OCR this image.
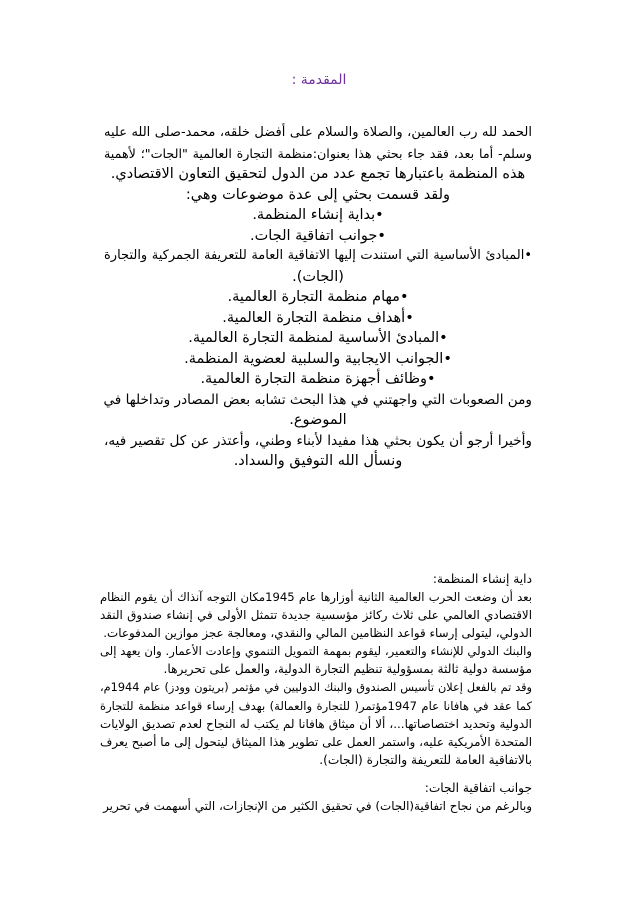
المقدمة :
الحمد لله رب العالمين، والصلاة والسلام على أفضل خلقه، محمد-صلى الله عليه
وسلم- أما بعد، فقد جاء بحثي هذا بعنوان:منظمة التجارة العالمية "الجات"؛ لأهمية
هذه المنظمة باعتبارها تجمع عدد من الدول لتحقيق التعاون الاقتصادي.
ولقد قسمت بحثي إلى عدة موضوعات وهي:
•بداية إنشاء المنظمة.
•جوانب اتفاقية الجات.
•المبادئ الأساسية التي استندت إليها الاتفاقية العامة للتعريفة الجمركية والتجارة
(الجات).
•مهام منظمة التجارة العالمية.
•أهداف منظمة التجارة العالمية.
•المبادئ الأساسية لمنظمة التجارة العالمية.
•الجوانب الايجابية والسلبية لعضوية المنظمة.
•وظائف أجهزة منظمة التجارة العالمية.
ومن الصعوبات التي واجهتني في هذا البحث تشابه بعض المصادر وتداخلها في
الموضوع.
وأخيرا أرجو أن يكون بحثي هذا مفيدا لأبناء وطني، وأعتذر عن كل تقصير فيه،
ونسأل الله التوفيق والسداد.
داية إنشاء المنظمة:
بعد أن وضعت الحرب العالمية الثانية أوزارها عام 1945مكان التوجه آنذاك أن يقوم النظام
الاقتصادي العالمي على ثلاث ركائز مؤسسية جديدة تتمثل الأولى في إنشاء صندوق النقد
الدولي، ليتولى إرساء قواعد النظامين المالي والنقدي، ومعالجة عجز موازين المدفوعات.
والبنك الدولي للإنشاء والتعمير، ليقوم بمهمة التمويل التنموي وإعادت الأعمار. وان يعهد إلى
مؤسسة دولية ثالثة بمسؤولية تنظيم التجارة الدولية، والعمل على تحريرها.
وقد تم بالفعل إعلان تأسيس الصندوق والبنك الدوليين في مؤتمر (بريتون وودز) عام 1944م،
كما عقد في هافانا عام 1947مؤتمر( للتجارة والعمالة) بهدف إرساء قواعد منظمة للتجارة
الدولية وتحديد اختصاصاتها...، ألا أن ميثاق هافانا لم يكتب له النجاح لعدم تصديق الولايات
المتحدة الأمريكية عليه، واستمر العمل على تطوير هذا الميثاق ليتحول إلى ما أصبح يعرف
بالاتفاقية العامة للتعريفة والتجارة (الجات).
جوانب اتفاقية الجات:
وبالرغم من نجاح اتفاقية(الجات) في تحقيق الكثير من الإنجازات، التي أسهمت في تحرير
